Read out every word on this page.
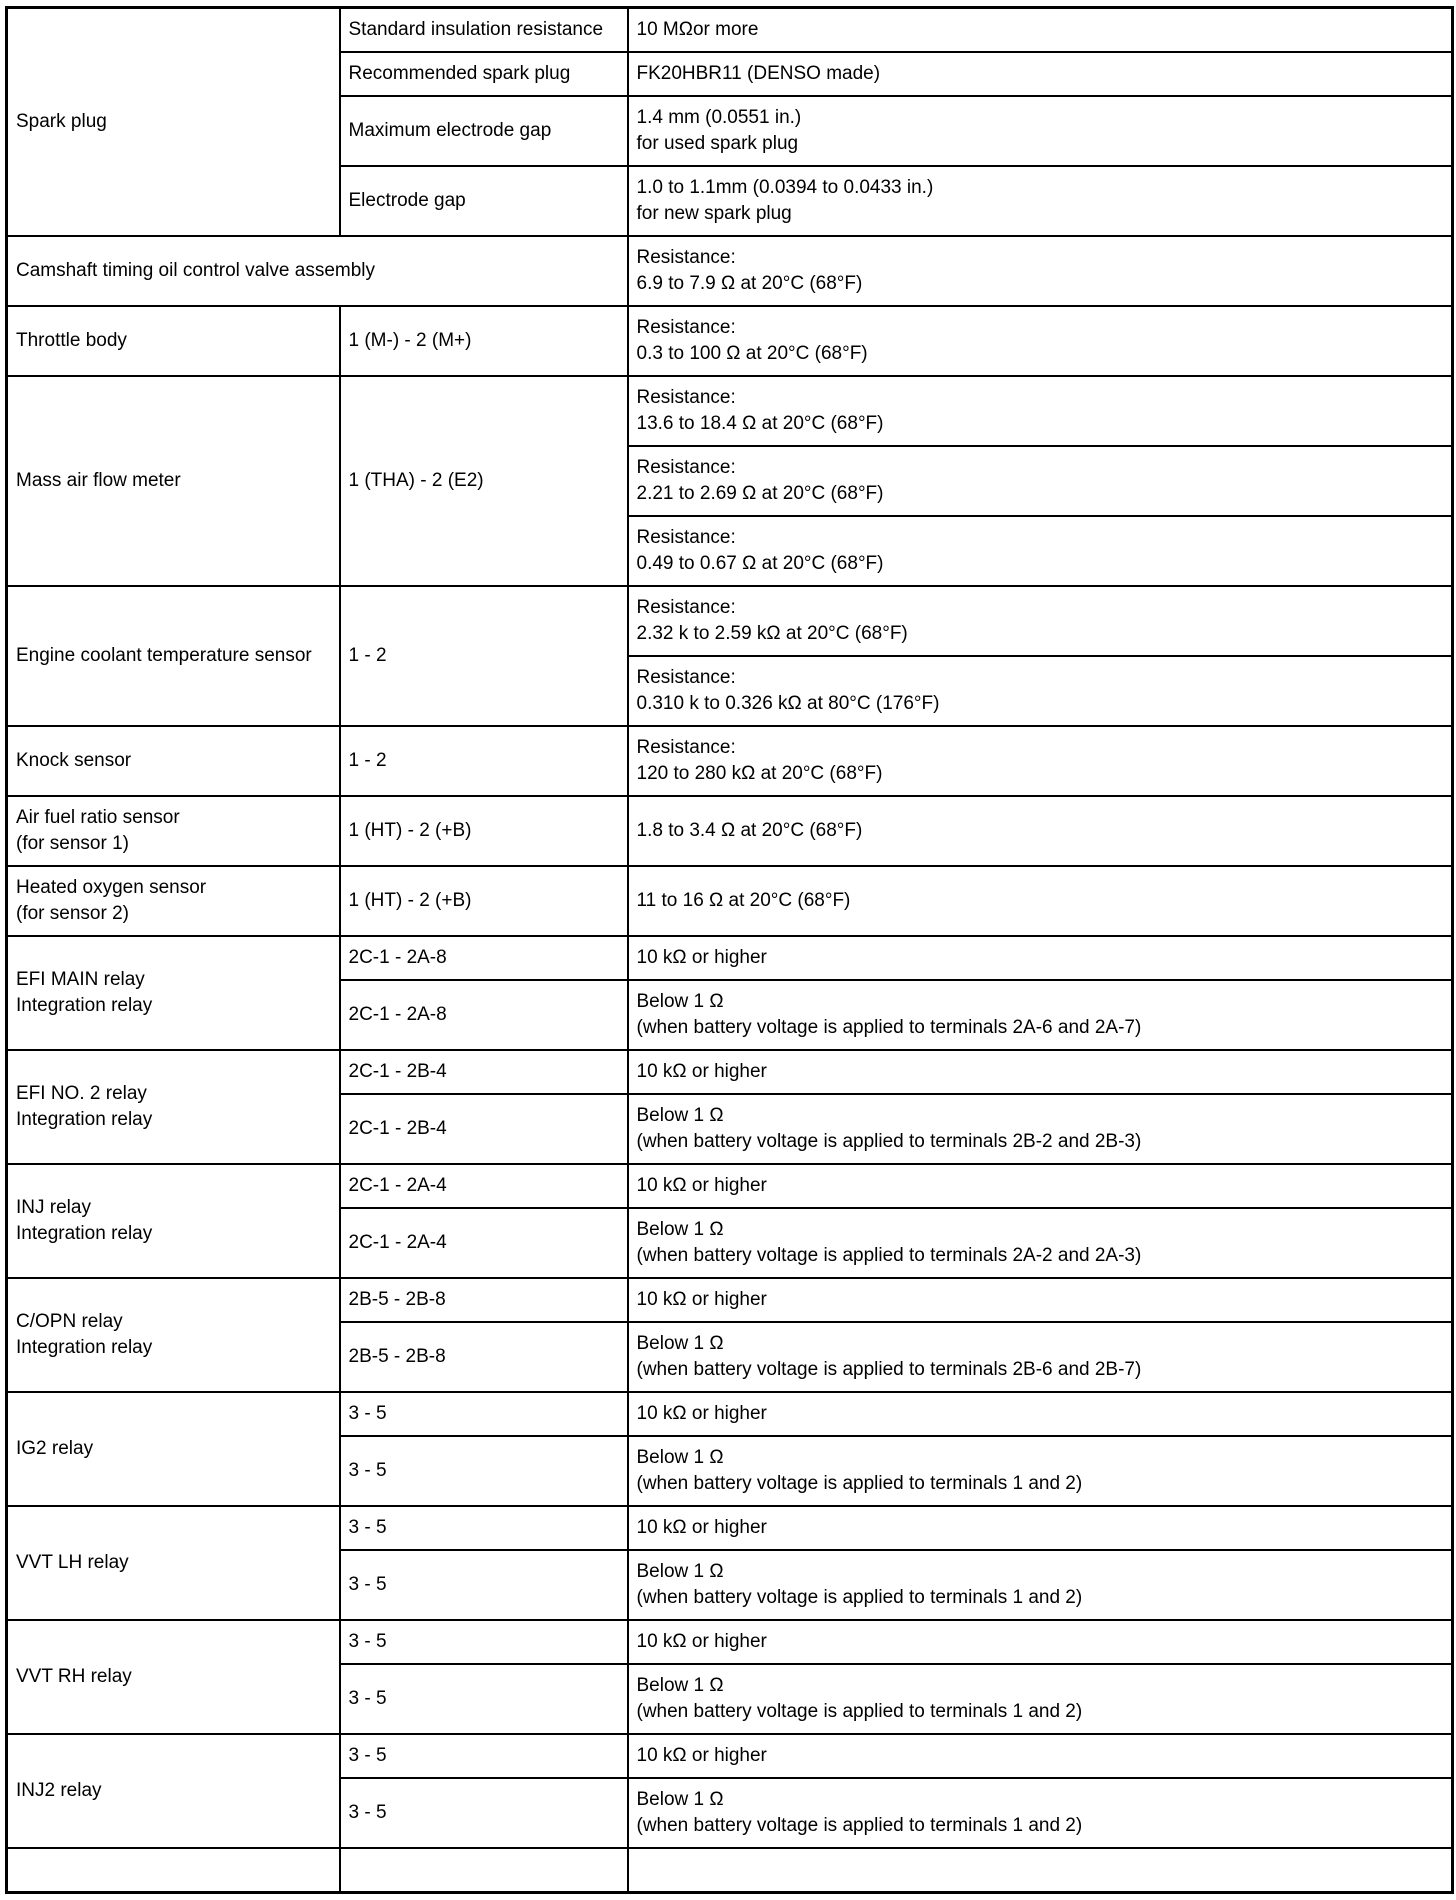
Spark plug	Standard insulation resistance	10 MΩor more

	Recommended spark plug	FK20HBR11 (DENSO made)

	Maximum electrode gap	1.4 mm (0.0551 in.)
for used spark plug

	Electrode gap	1.0 to 1.1mm (0.0394 to 0.0433 in.)
for new spark plug

Camshaft timing oil control valve assembly		Resistance:
6.9 to 7.9 Ω at 20°C (68°F)

Throttle body	1 (M-) - 2 (M+)	Resistance:
0.3 to 100 Ω at 20°C (68°F)

Mass air flow meter	1 (THA) - 2 (E2)	Resistance:
13.6 to 18.4 Ω at 20°C (68°F)

		Resistance:
2.21 to 2.69 Ω at 20°C (68°F)

		Resistance:
0.49 to 0.67 Ω at 20°C (68°F)

Engine coolant temperature sensor	1 - 2	Resistance:
2.32 k to 2.59 kΩ at 20°C (68°F)

		Resistance:
0.310 k to 0.326 kΩ at 80°C (176°F)

Knock sensor	1 - 2	Resistance:
120 to 280 kΩ at 20°C (68°F)

Air fuel ratio sensor
(for sensor 1)	1 (HT) - 2 (+B)	1.8 to 3.4 Ω at 20°C (68°F)

Heated oxygen sensor
(for sensor 2)	1 (HT) - 2 (+B)	11 to 16 Ω at 20°C (68°F)

EFI MAIN relay
Integration relay	2C-1 - 2A-8	10 kΩ or higher

	2C-1 - 2A-8	Below 1 Ω
(when battery voltage is applied to terminals 2A-6 and 2A-7)

EFI NO. 2 relay
Integration relay	2C-1 - 2B-4	10 kΩ or higher

	2C-1 - 2B-4	Below 1 Ω
(when battery voltage is applied to terminals 2B-2 and 2B-3)

INJ relay
Integration relay	2C-1 - 2A-4	10 kΩ or higher

	2C-1 - 2A-4	Below 1 Ω
(when battery voltage is applied to terminals 2A-2 and 2A-3)

C/OPN relay
Integration relay	2B-5 - 2B-8	10 kΩ or higher

	2B-5 - 2B-8	Below 1 Ω
(when battery voltage is applied to terminals 2B-6 and 2B-7)

IG2 relay	3 - 5	10 kΩ or higher

	3 - 5	Below 1 Ω
(when battery voltage is applied to terminals 1 and 2)

VVT LH relay	3 - 5	10 kΩ or higher

	3 - 5	Below 1 Ω
(when battery voltage is applied to terminals 1 and 2)

VVT RH relay	3 - 5	10 kΩ or higher

	3 - 5	Below 1 Ω
(when battery voltage is applied to terminals 1 and 2)

INJ2 relay	3 - 5	10 kΩ or higher

	3 - 5	Below 1 Ω
(when battery voltage is applied to terminals 1 and 2)
